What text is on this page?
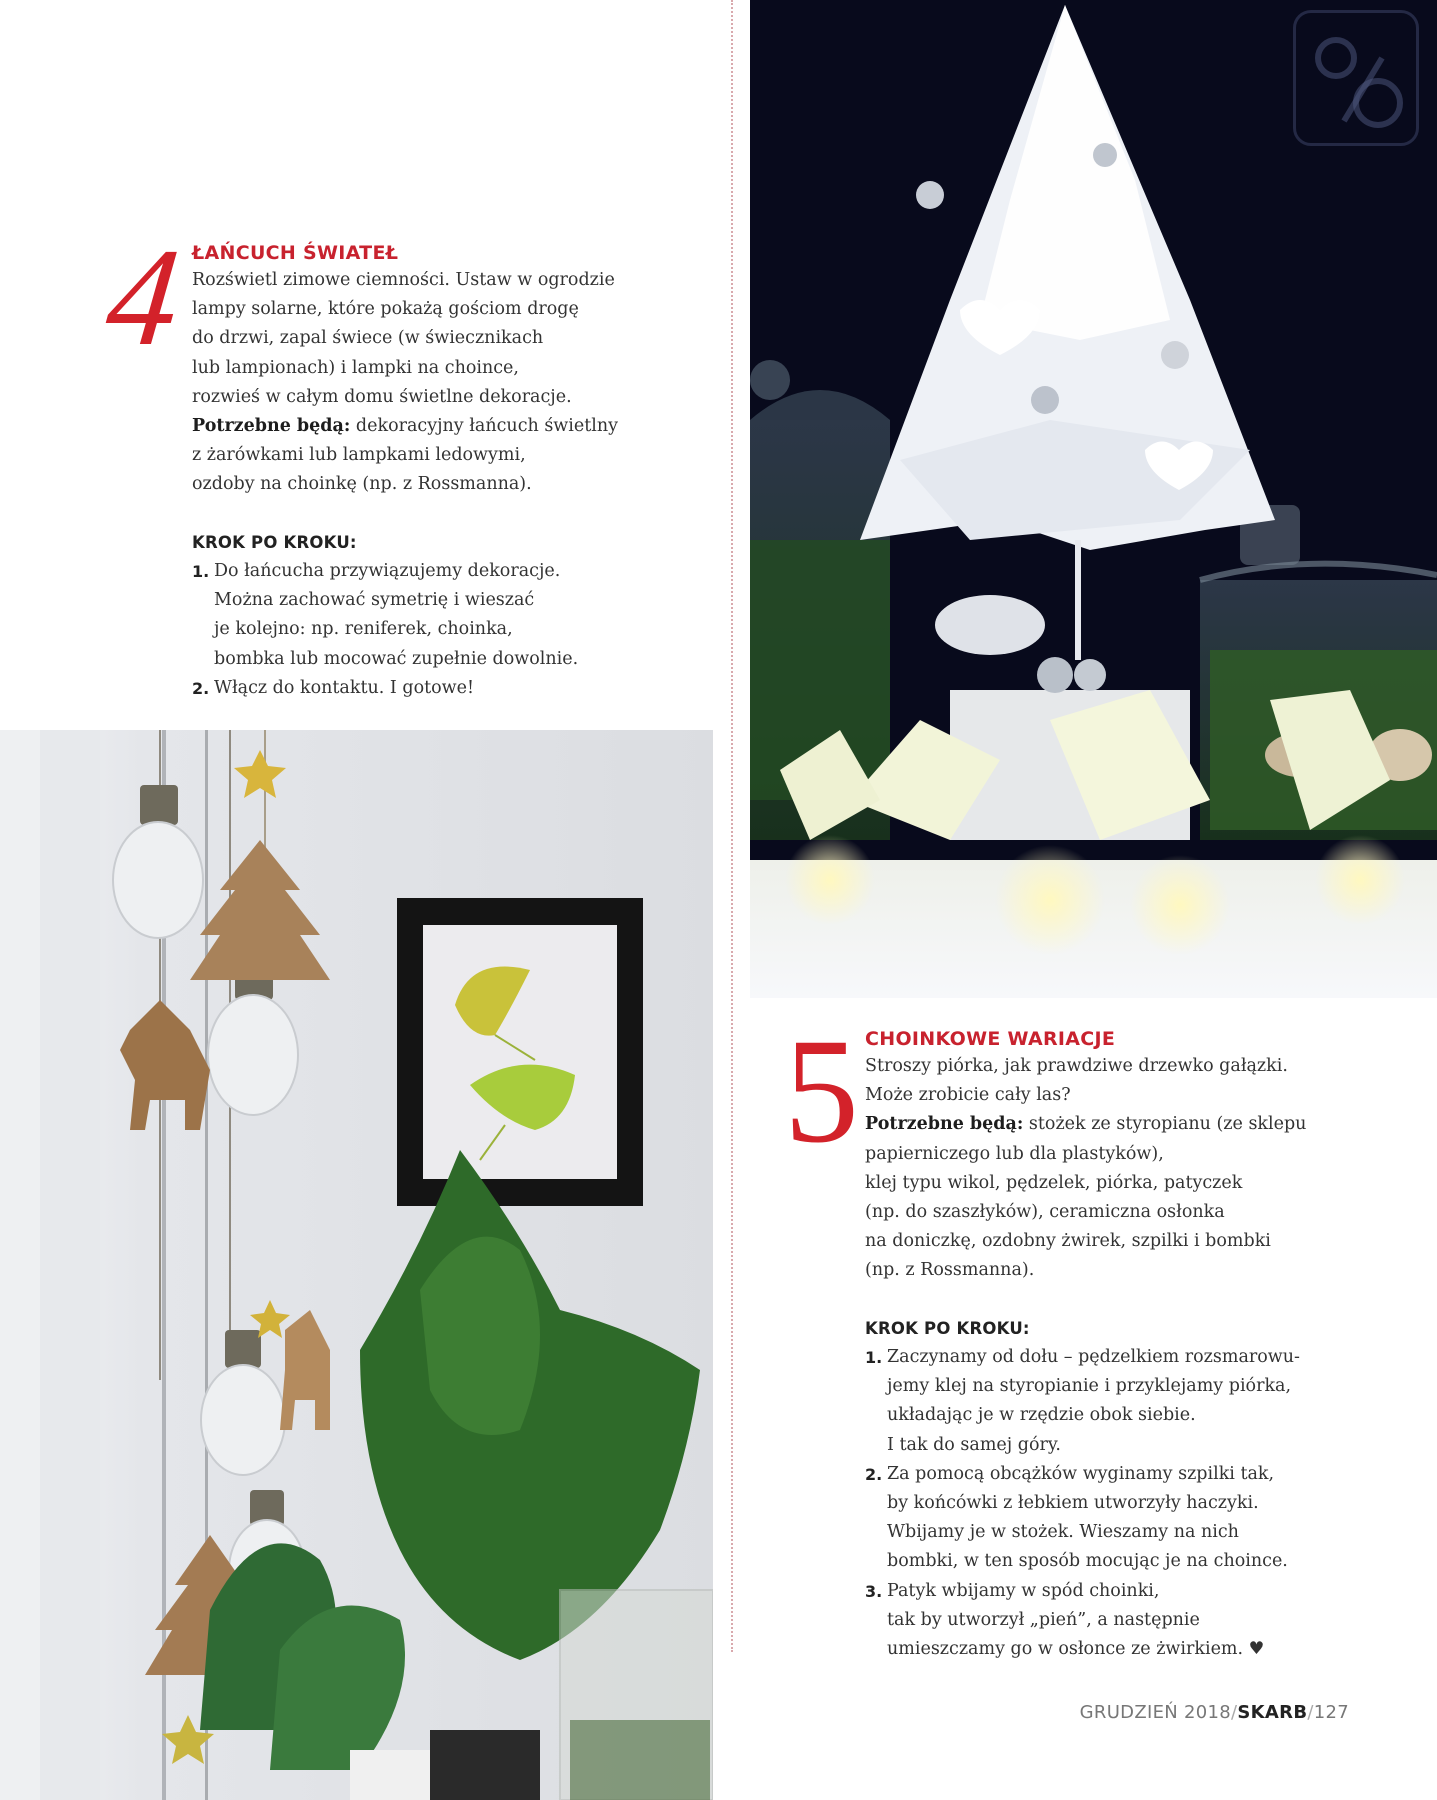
4 ŁAŃCUCH ŚWIATEŁ
Rozświetl zimowe ciemności. Ustaw w ogrodzie
lampy solarne, które pokażą gościom drogę
do drzwi, zapal świece (w świecznikach
lub lampionach) i lampki na choince,
rozwieś w całym domu świetlne dekoracje.
Potrzebne będą: dekoracyjny łańcuch świetlny
z żarówkami lub lampkami ledowymi,
ozdoby na choinkę (np. z Rossmanna).
KROK PO KROKU:
1. Do łańcucha przywiązujemy dekoracje.
Można zachować symetrię i wieszać
je kolejno: np. reniferek, choinka,
bombka lub mocować zupełnie dowolnie.
2. Włącz do kontaktu. I gotowe!
5 CHOINKOWE WARIACJE
Stroszy piórka, jak prawdziwe drzewko gałązki.
Może zrobicie cały las?
Potrzebne będą: stożek ze styropianu (ze sklepu
papierniczego lub dla plastyków),
klej typu wikol, pędzelek, piórka, patyczek
(np. do szaszłyków), ceramiczna osłonka
na doniczkę, ozdobny żwirek, szpilki i bombki
(np. z Rossmanna).
KROK PO KROKU:
1. Zaczynamy od dołu – pędzelkiem rozsmarowu-
jemy klej na styropianie i przyklejamy piórka,
układając je w rzędzie obok siebie.
I tak do samej góry.
2. Za pomocą obcążków wyginamy szpilki tak,
by końcówki z łebkiem utworzyły haczyki.
Wbijamy je w stożek. Wieszamy na nich
bombki, w ten sposób mocując je na choince.
3. Patyk wbijamy w spód choinki,
tak by utworzył „pień”, a następnie
umieszczamy go w osłonce ze żwirkiem. ♥
GRUDZIEŃ 2018/SKARB/127
